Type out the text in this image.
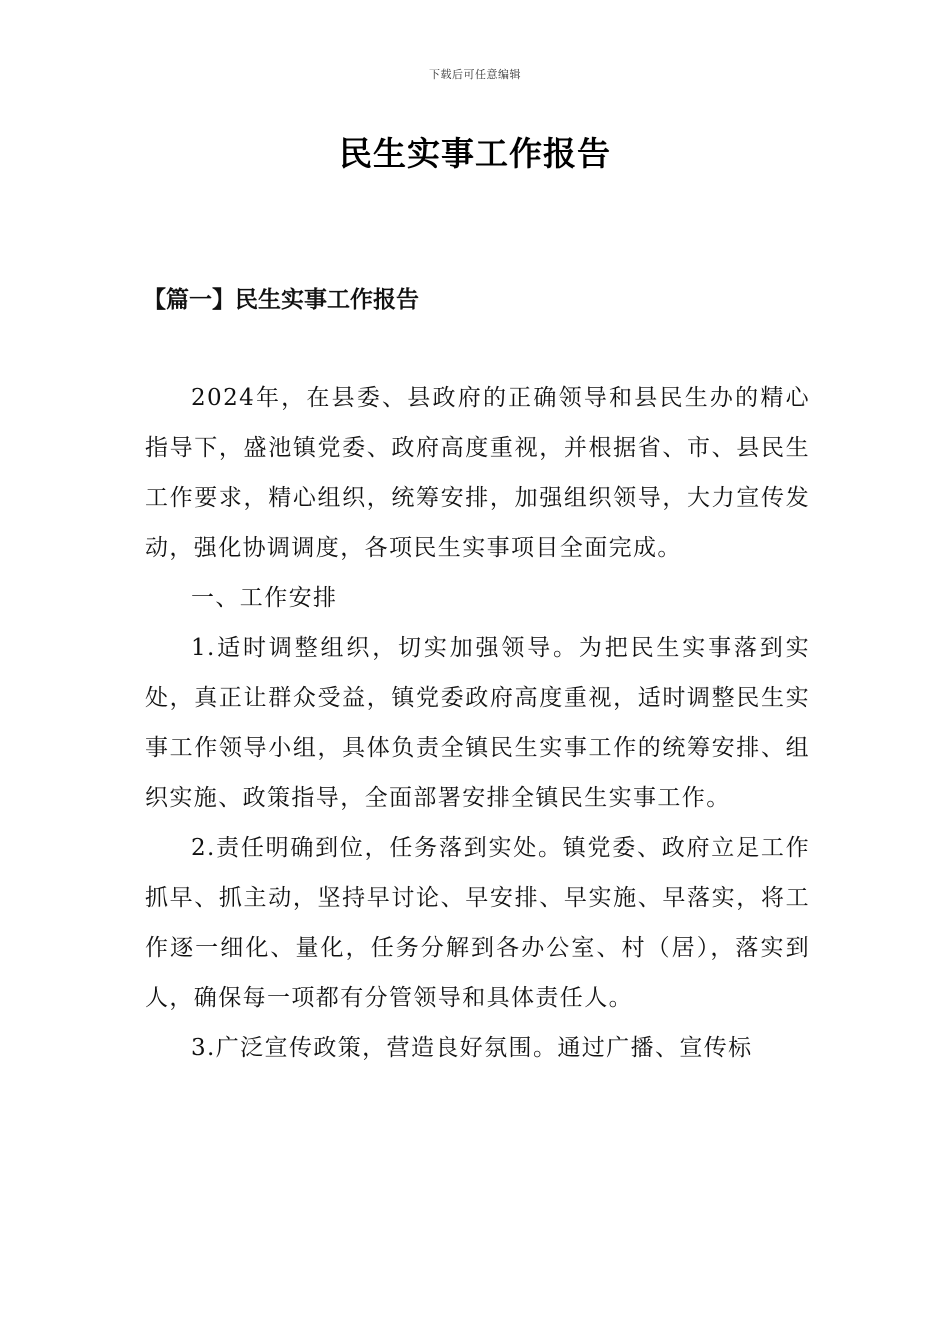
下载后可任意编辑
民生实事工作报告
【篇一】民生实事工作报告

2024年，在县委、县政府的正确领导和县民生办的精心指导下，盛池镇党委、政府高度重视，并根据省、市、县民生工作要求，精心组织，统筹安排，加强组织领导，大力宣传发动，强化协调调度，各项民生实事项目全面完成。

一、工作安排

1.适时调整组织，切实加强领导。为把民生实事落到实处，真正让群众受益，镇党委政府高度重视，适时调整民生实事工作领导小组，具体负责全镇民生实事工作的统筹安排、组织实施、政策指导，全面部署安排全镇民生实事工作。

2.责任明确到位，任务落到实处。镇党委、政府立足工作抓早、抓主动，坚持早讨论、早安排、早实施、早落实，将工作逐一细化、量化，任务分解到各办公室、村（居），落实到人，确保每一项都有分管领导和具体责任人。

3.广泛宣传政策，营造良好氛围。通过广播、宣传标
